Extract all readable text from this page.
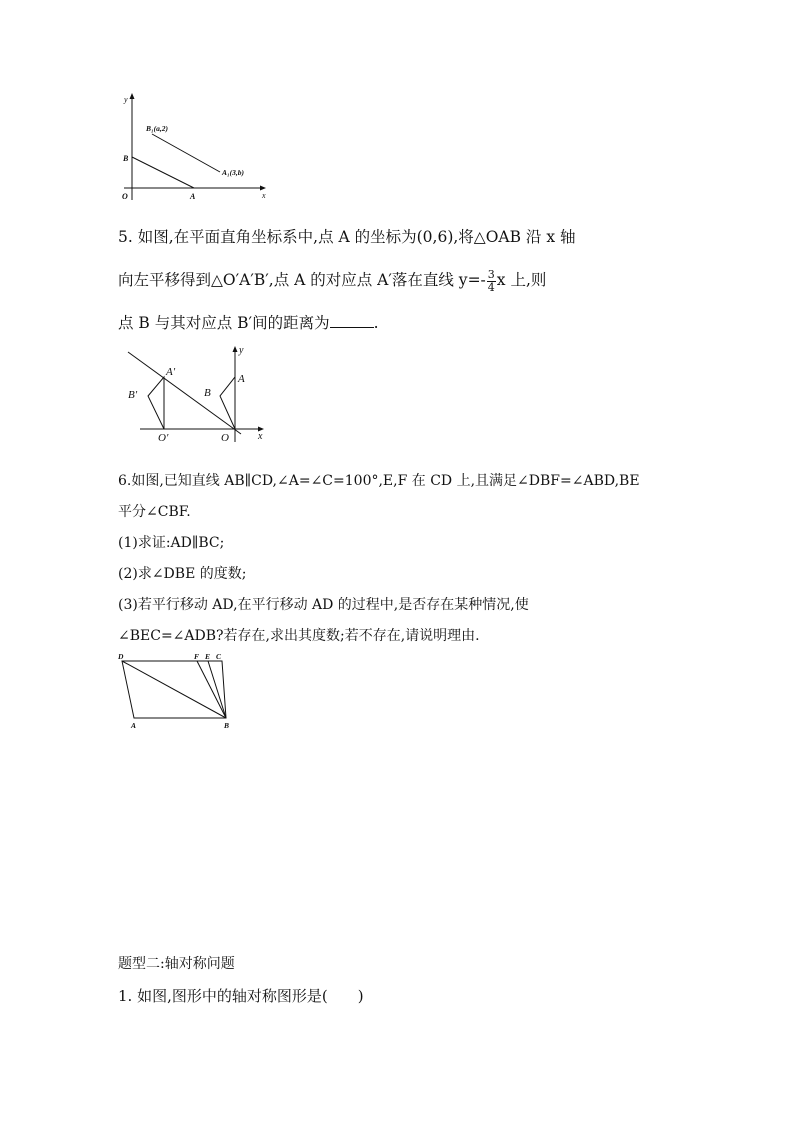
y
x
O	A
B
B₁(a,2)
A₁(3,b)
5. 如图,在平面直角坐标系中,点 A 的坐标为(0,6),将△OAB 沿 x 轴
向左平移得到△O′A′B′,点 A 的对应点 A′落在直线 $y=- \frac{3}{4}$ x 上,则
点 B 与其对应点 B′间的距离为	.
y
x
O
O′
A
A′
B
B′
6.如图,已知直线 AB∥CD,∠A=∠C=100°,E,F 在 CD 上,且满足∠DBF=∠ABD,BE
平分∠CBF.
(1)求证:AD∥BC;
(2)求∠DBE 的度数;
(3)若平行移动 AD,在平行移动 AD 的过程中,是否存在某种情况,使
∠BEC=∠ADB?若存在,求出其度数;若不存在,请说明理由.
D	F E C
A	B
题型二:轴对称问题
1. 如图,图形中的轴对称图形是(　　)
